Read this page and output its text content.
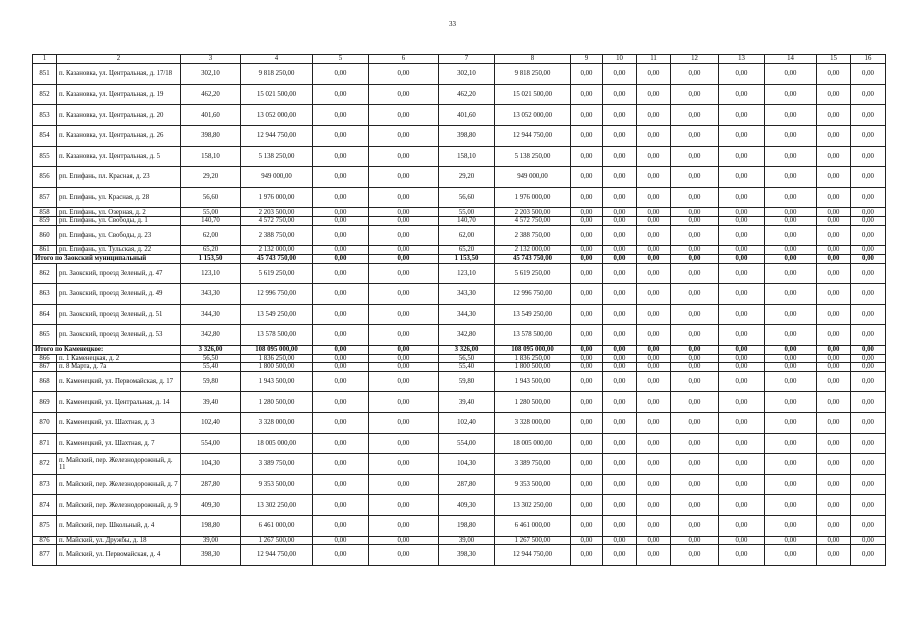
33
1	2	3	4	5	6	7	8	9	10	11	12	13	14	15	16
851	п. Казановка, ул. Центральная, д. 17/18	302,10	9 818 250,00	0,00	0,00	302,10	9 818 250,00	0,00	0,00	0,00	0,00	0,00	0,00	0,00	0,00
852	п. Казановка, ул. Центральная, д. 19	462,20	15 021 500,00	0,00	0,00	462,20	15 021 500,00	0,00	0,00	0,00	0,00	0,00	0,00	0,00	0,00
853	п. Казановка, ул. Центральная, д. 20	401,60	13 052 000,00	0,00	0,00	401,60	13 052 000,00	0,00	0,00	0,00	0,00	0,00	0,00	0,00	0,00
854	п. Казановка, ул. Центральная, д. 26	398,80	12 944 750,00	0,00	0,00	398,80	12 944 750,00	0,00	0,00	0,00	0,00	0,00	0,00	0,00	0,00
855	п. Казановка, ул. Центральная, д. 5	158,10	5 138 250,00	0,00	0,00	158,10	5 138 250,00	0,00	0,00	0,00	0,00	0,00	0,00	0,00	0,00
856	рп. Епифань, пл. Красная, д. 23	29,20	949 000,00	0,00	0,00	29,20	949 000,00	0,00	0,00	0,00	0,00	0,00	0,00	0,00	0,00
857	рп. Епифань, ул. Красная, д. 28	56,60	1 976 000,00	0,00	0,00	56,60	1 976 000,00	0,00	0,00	0,00	0,00	0,00	0,00	0,00	0,00
858	рп. Епифань, ул. Озерная, д. 2	55,00	2 203 500,00	0,00	0,00	55,00	2 203 500,00	0,00	0,00	0,00	0,00	0,00	0,00	0,00	0,00
859	рп. Епифань, ул. Свободы, д. 1	140,70	4 572 750,00	0,00	0,00	140,70	4 572 750,00	0,00	0,00	0,00	0,00	0,00	0,00	0,00	0,00
860	рп. Епифань, ул. Свободы, д. 23	62,00	2 388 750,00	0,00	0,00	62,00	2 388 750,00	0,00	0,00	0,00	0,00	0,00	0,00	0,00	0,00
861	рп. Епифань, ул. Тульская, д. 22	65,20	2 132 000,00	0,00	0,00	65,20	2 132 000,00	0,00	0,00	0,00	0,00	0,00	0,00	0,00	0,00
Итого по Заокский муниципальный		1 153,50	45 743 750,00	0,00	0,00	1 153,50	45 743 750,00	0,00	0,00	0,00	0,00	0,00	0,00	0,00	0,00
862	рп. Заокский, проезд Зеленый, д. 47	123,10	5 619 250,00	0,00	0,00	123,10	5 619 250,00	0,00	0,00	0,00	0,00	0,00	0,00	0,00	0,00
863	рп. Заокский, проезд Зеленый, д. 49	343,30	12 996 750,00	0,00	0,00	343,30	12 996 750,00	0,00	0,00	0,00	0,00	0,00	0,00	0,00	0,00
864	рп. Заокский, проезд Зеленый, д. 51	344,30	13 549 250,00	0,00	0,00	344,30	13 549 250,00	0,00	0,00	0,00	0,00	0,00	0,00	0,00	0,00
865	рп. Заокский, проезд Зеленый, д. 53	342,80	13 578 500,00	0,00	0,00	342,80	13 578 500,00	0,00	0,00	0,00	0,00	0,00	0,00	0,00	0,00
Итого по Каменецкое:		3 326,00	108 095 000,00	0,00	0,00	3 326,00	108 095 000,00	0,00	0,00	0,00	0,00	0,00	0,00	0,00	0,00
866	п. 1 Каменецкая, д. 2	56,50	1 836 250,00	0,00	0,00	56,50	1 836 250,00	0,00	0,00	0,00	0,00	0,00	0,00	0,00	0,00
867	п. 8 Марта, д. 7а	55,40	1 800 500,00	0,00	0,00	55,40	1 800 500,00	0,00	0,00	0,00	0,00	0,00	0,00	0,00	0,00
868	п. Каменецкий, ул. Первомайская, д. 17	59,80	1 943 500,00	0,00	0,00	59,80	1 943 500,00	0,00	0,00	0,00	0,00	0,00	0,00	0,00	0,00
869	п. Каменецкий, ул. Центральная, д. 14	39,40	1 280 500,00	0,00	0,00	39,40	1 280 500,00	0,00	0,00	0,00	0,00	0,00	0,00	0,00	0,00
870	п. Каменецкий, ул. Шахтная, д. 3	102,40	3 328 000,00	0,00	0,00	102,40	3 328 000,00	0,00	0,00	0,00	0,00	0,00	0,00	0,00	0,00
871	п. Каменецкий, ул. Шахтная, д. 7	554,00	18 005 000,00	0,00	0,00	554,00	18 005 000,00	0,00	0,00	0,00	0,00	0,00	0,00	0,00	0,00
872	п. Майский, пер. Железнодорожный, д. 11	104,30	3 389 750,00	0,00	0,00	104,30	3 389 750,00	0,00	0,00	0,00	0,00	0,00	0,00	0,00	0,00
873	п. Майский, пер. Железнодорожный, д. 7	287,80	9 353 500,00	0,00	0,00	287,80	9 353 500,00	0,00	0,00	0,00	0,00	0,00	0,00	0,00	0,00
874	п. Майский, пер. Железнодорожный, д. 9	409,30	13 302 250,00	0,00	0,00	409,30	13 302 250,00	0,00	0,00	0,00	0,00	0,00	0,00	0,00	0,00
875	п. Майский, пер. Школьный, д. 4	198,80	6 461 000,00	0,00	0,00	198,80	6 461 000,00	0,00	0,00	0,00	0,00	0,00	0,00	0,00	0,00
876	п. Майский, ул. Дружбы, д. 18	39,00	1 267 500,00	0,00	0,00	39,00	1 267 500,00	0,00	0,00	0,00	0,00	0,00	0,00	0,00	0,00
877	п. Майский, ул. Первомайская, д. 4	398,30	12 944 750,00	0,00	0,00	398,30	12 944 750,00	0,00	0,00	0,00	0,00	0,00	0,00	0,00	0,00
